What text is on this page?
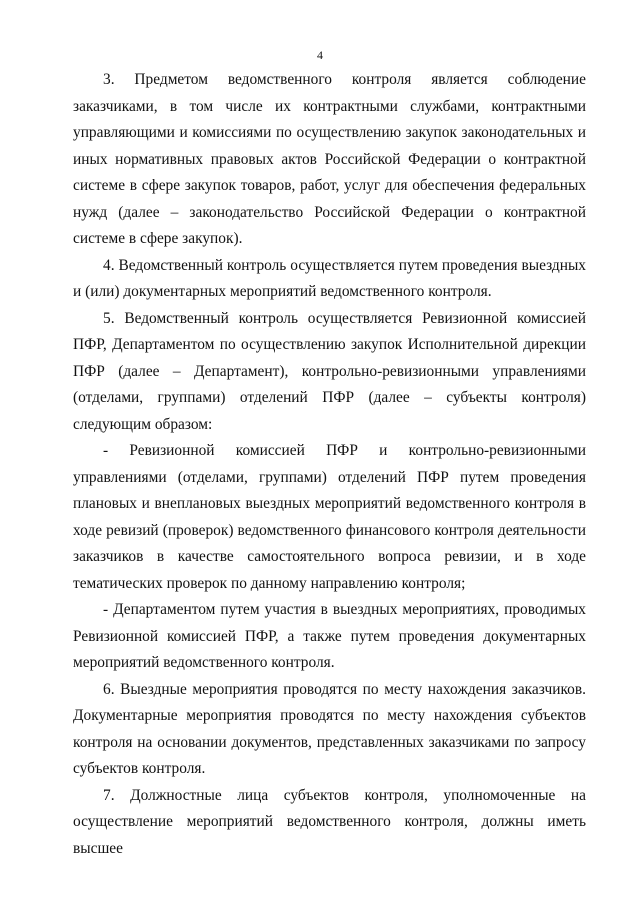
4

3. Предметом ведомственного контроля является соблюдение заказчиками, в том числе их контрактными службами, контрактными управляющими и комиссиями по осуществлению закупок законодательных и иных нормативных правовых актов Российской Федерации о контрактной системе в сфере закупок товаров, работ, услуг для обеспечения федеральных нужд (далее – законодательство Российской Федерации о контрактной системе в сфере закупок).

4. Ведомственный контроль осуществляется путем проведения выездных и (или) документарных мероприятий ведомственного контроля.

5. Ведомственный контроль осуществляется Ревизионной комиссией ПФР, Департаментом по осуществлению закупок Исполнительной дирекции ПФР (далее – Департамент), контрольно-ревизионными управлениями (отделами, группами) отделений ПФР (далее – субъекты контроля) следующим образом:

- Ревизионной комиссией ПФР и контрольно-ревизионными управлениями (отделами, группами) отделений ПФР путем проведения плановых и внеплановых выездных мероприятий ведомственного контроля в ходе ревизий (проверок) ведомственного финансового контроля деятельности заказчиков в качестве самостоятельного вопроса ревизии, и в ходе тематических проверок по данному направлению контроля;

- Департаментом путем участия в выездных мероприятиях, проводимых Ревизионной комиссией ПФР, а также путем проведения документарных мероприятий ведомственного контроля.

6. Выездные мероприятия проводятся по месту нахождения заказчиков. Документарные мероприятия проводятся по месту нахождения субъектов контроля на основании документов, представленных заказчиками по запросу субъектов контроля.

7. Должностные лица субъектов контроля, уполномоченные на осуществление мероприятий ведомственного контроля, должны иметь высшее
